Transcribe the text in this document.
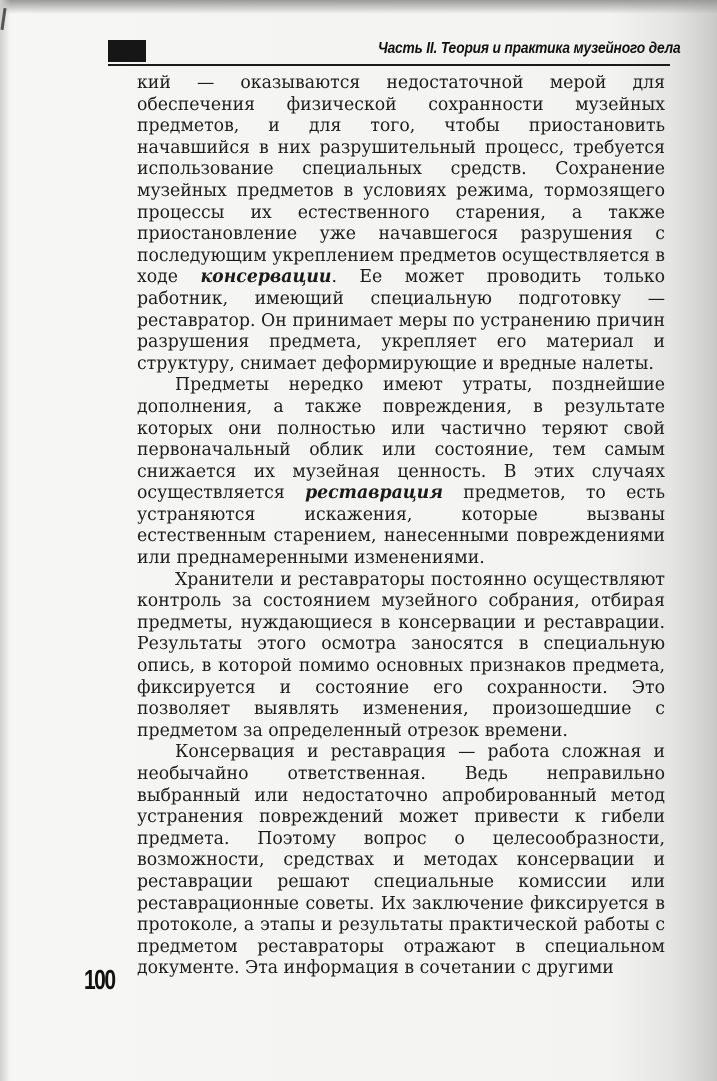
Часть II. Теория и практика музейного дела

кий — оказываются недостаточной мерой для обеспечения физической сохранности музейных предметов, и для того, чтобы приостановить начавшийся в них разрушительный процесс, требуется использование специальных средств. Сохранение музейных предметов в условиях режима, тормозящего процессы их естественного старения, а также приостановление уже начавшегося разрушения с последующим укреплением предметов осуществляется в ходе консервации. Ее может проводить только работник, имеющий специальную подготовку — реставратор. Он принимает меры по устранению причин разрушения предмета, укрепляет его материал и структуру, снимает деформирующие и вредные налеты.

Предметы нередко имеют утраты, позднейшие дополнения, а также повреждения, в результате которых они полностью или частично теряют свой первоначальный облик или состояние, тем самым снижается их музейная ценность. В этих случаях осуществляется реставрация предметов, то есть устраняются искажения, которые вызваны естественным старением, нанесенными повреждениями или преднамеренными изменениями.

Хранители и реставраторы постоянно осуществляют контроль за состоянием музейного собрания, отбирая предметы, нуждающиеся в консервации и реставрации. Результаты этого осмотра заносятся в специальную опись, в которой помимо основных признаков предмета, фиксируется и состояние его сохранности. Это позволяет выявлять изменения, произошедшие с предметом за определенный отрезок времени.

Консервация и реставрация — работа сложная и необычайно ответственная. Ведь неправильно выбранный или недостаточно апробированный метод устранения повреждений может привести к гибели предмета. Поэтому вопрос о целесообразности, возможности, средствах и методах консервации и реставрации решают специальные комиссии или реставрационные советы. Их заключение фиксируется в протоколе, а этапы и результаты практической работы с предметом реставраторы отражают в специальном документе. Эта информация в сочетании с другими

100
